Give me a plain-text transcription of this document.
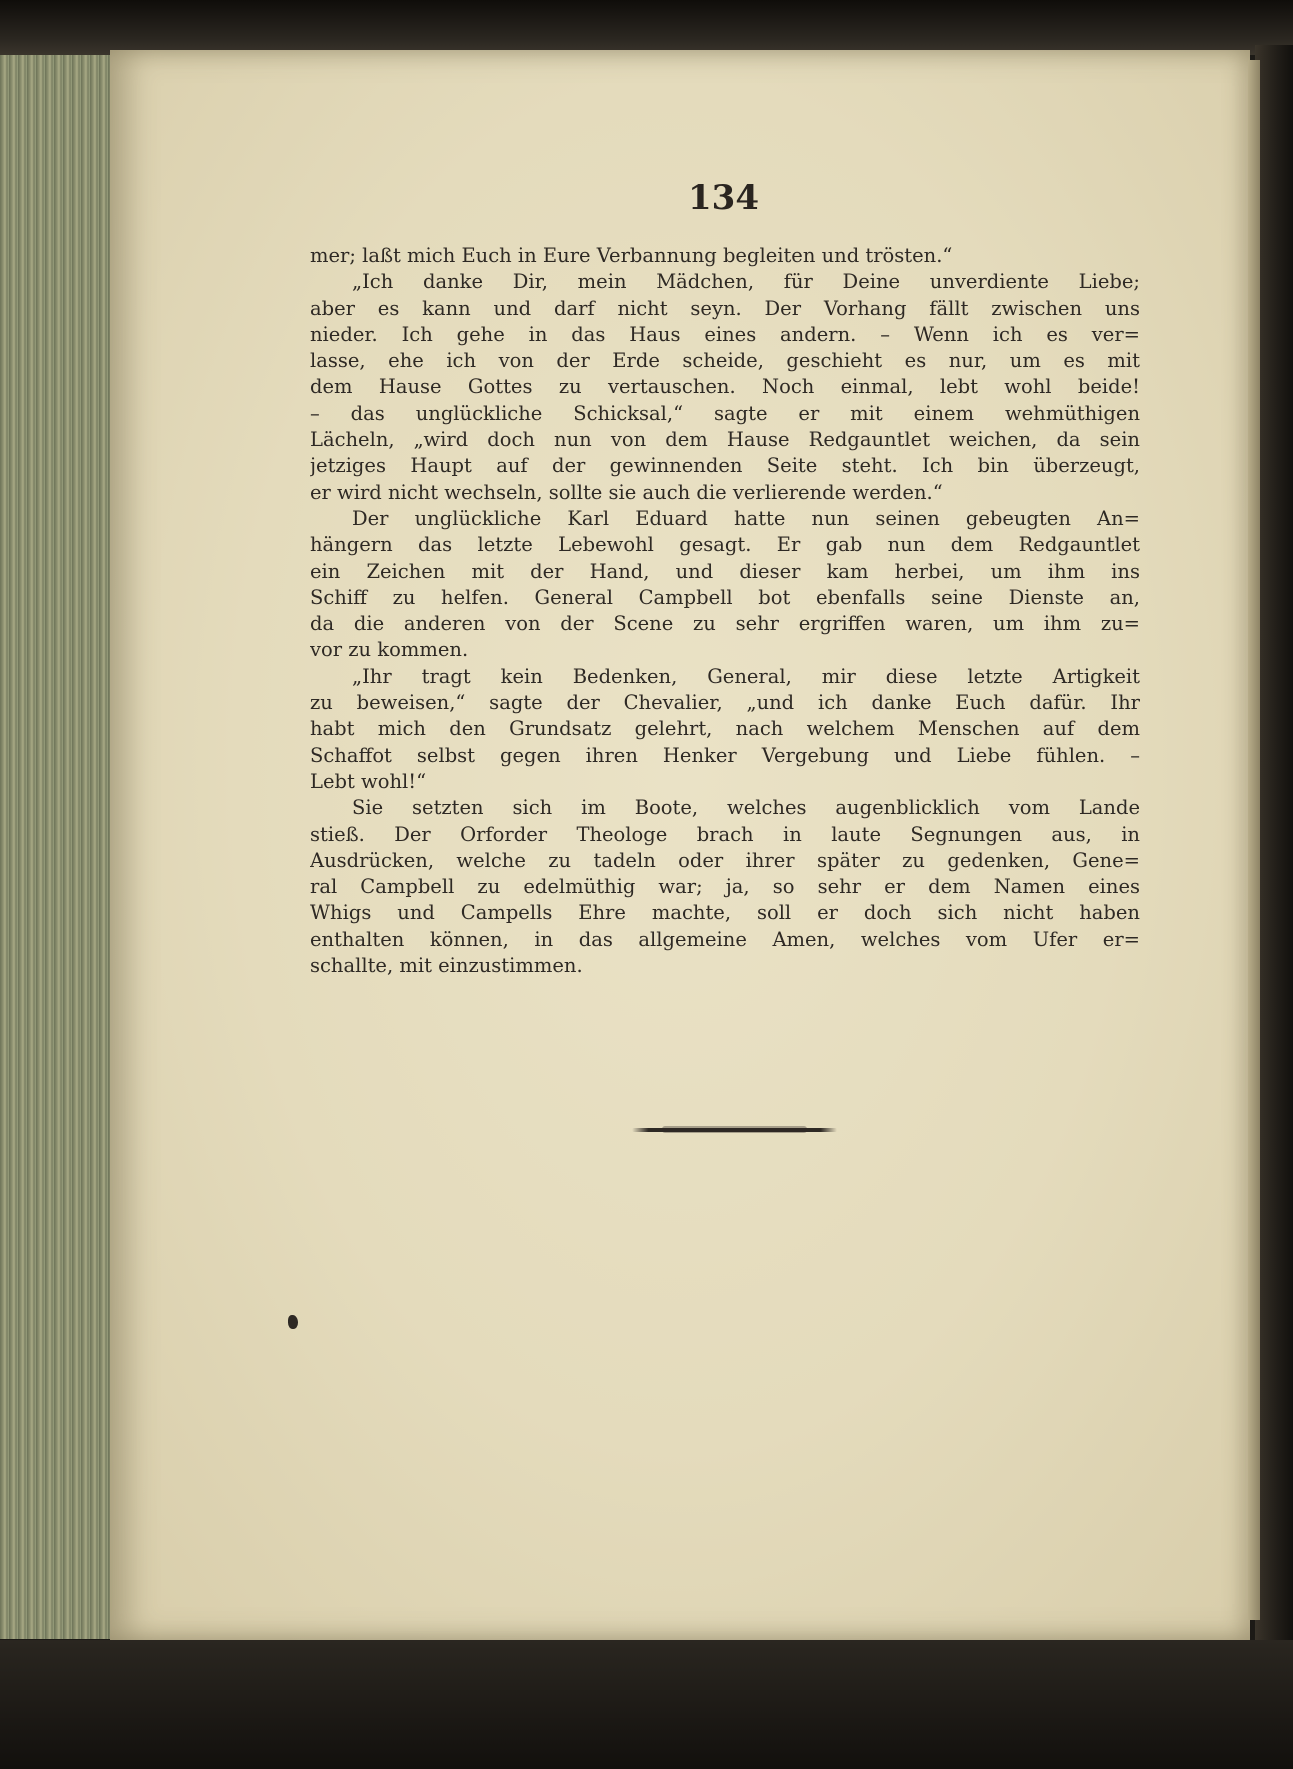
134
mer; laßt mich Euch in Eure Verbannung begleiten und trösten.“
„Ich danke Dir, mein Mädchen, für Deine unverdiente Liebe;
aber es kann und darf nicht seyn. Der Vorhang fällt zwischen uns
nieder. Ich gehe in das Haus eines andern. – Wenn ich es ver=
lasse, ehe ich von der Erde scheide, geschieht es nur, um es mit
dem Hause Gottes zu vertauschen. Noch einmal, lebt wohl beide!
– das unglückliche Schicksal,“ sagte er mit einem wehmüthigen
Lächeln, „wird doch nun von dem Hause Redgauntlet weichen, da sein
jetziges Haupt auf der gewinnenden Seite steht. Ich bin überzeugt,
er wird nicht wechseln, sollte sie auch die verlierende werden.“
Der unglückliche Karl Eduard hatte nun seinen gebeugten An=
hängern das letzte Lebewohl gesagt. Er gab nun dem Redgauntlet
ein Zeichen mit der Hand, und dieser kam herbei, um ihm ins
Schiff zu helfen. General Campbell bot ebenfalls seine Dienste an,
da die anderen von der Scene zu sehr ergriffen waren, um ihm zu=
vor zu kommen.
„Ihr tragt kein Bedenken, General, mir diese letzte Artigkeit
zu beweisen,“ sagte der Chevalier, „und ich danke Euch dafür. Ihr
habt mich den Grundsatz gelehrt, nach welchem Menschen auf dem
Schaffot selbst gegen ihren Henker Vergebung und Liebe fühlen. –
Lebt wohl!“
Sie setzten sich im Boote, welches augenblicklich vom Lande
stieß. Der Orforder Theologe brach in laute Segnungen aus, in
Ausdrücken, welche zu tadeln oder ihrer später zu gedenken, Gene=
ral Campbell zu edelmüthig war; ja, so sehr er dem Namen eines
Whigs und Campells Ehre machte, soll er doch sich nicht haben
enthalten können, in das allgemeine Amen, welches vom Ufer er=
schallte, mit einzustimmen.
